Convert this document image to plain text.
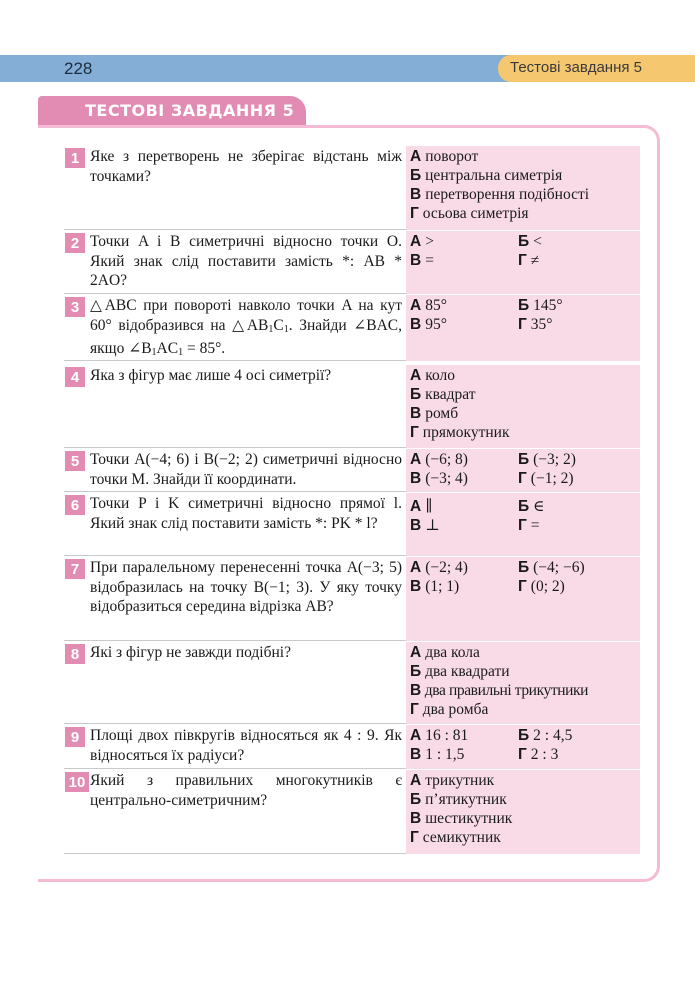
228	Тестові завдання 5
ТЕСТОВІ ЗАВДАННЯ 5
1 Яке з перетворень не зберігає відстань між точками?
А поворот
Б центральна симетрія
В перетворення подібності
Г осьова симетрія
2 Точки A і B симетричні відносно точки O. Який знак слід поставити замість *: AB * 2AO?
А >	Б <
В =	Г ≠
3 △ABC при повороті навколо точки A на кут 60° відобразився на $\triangle AB_1C_1$. Знайди ∠BAC, якщо $\angle B_1AC_1 = 85^\circ$.
А 85°	Б 145°
В 95°	Г 35°
4 Яка з фігур має лише 4 осі симетрії?	А коло
Б квадрат
В ромб
Г прямокутник
5 Точки A(−4; 6) і B(−2; 2) симетричні відносно точки M. Знайди її координати.
А (−6; 8)	Б (−3; 2)
В (−3; 4)	Г (−1; 2)
6 Точки P і K симетричні відносно прямої l. Який знак слід поставити замість *: PK * l?
А ∥	Б ∈
В ⊥	Г =
7 При паралельному перенесенні точка A(−3; 5) відобразилась на точку B(−1; 3). У яку точку відобразиться середина відрізка AB?
А (−2; 4)	Б (−4; −6)
В (1; 1)	Г (0; 2)
8 Які з фігур не завжди подібні?	А два кола
Б два квадрати
В два правильні трикутники
Г два ромба
9 Площі двох півкругів відносяться як 4 : 9. Як відносяться їх радіуси?
А 16 : 81	Б 2 : 4,5
В 1 : 1,5	Г 2 : 3
10 Який з правильних многокутників є центрально-симетричним?
А трикутник
Б п’ятикутник
В шестикутник
Г семикутник
